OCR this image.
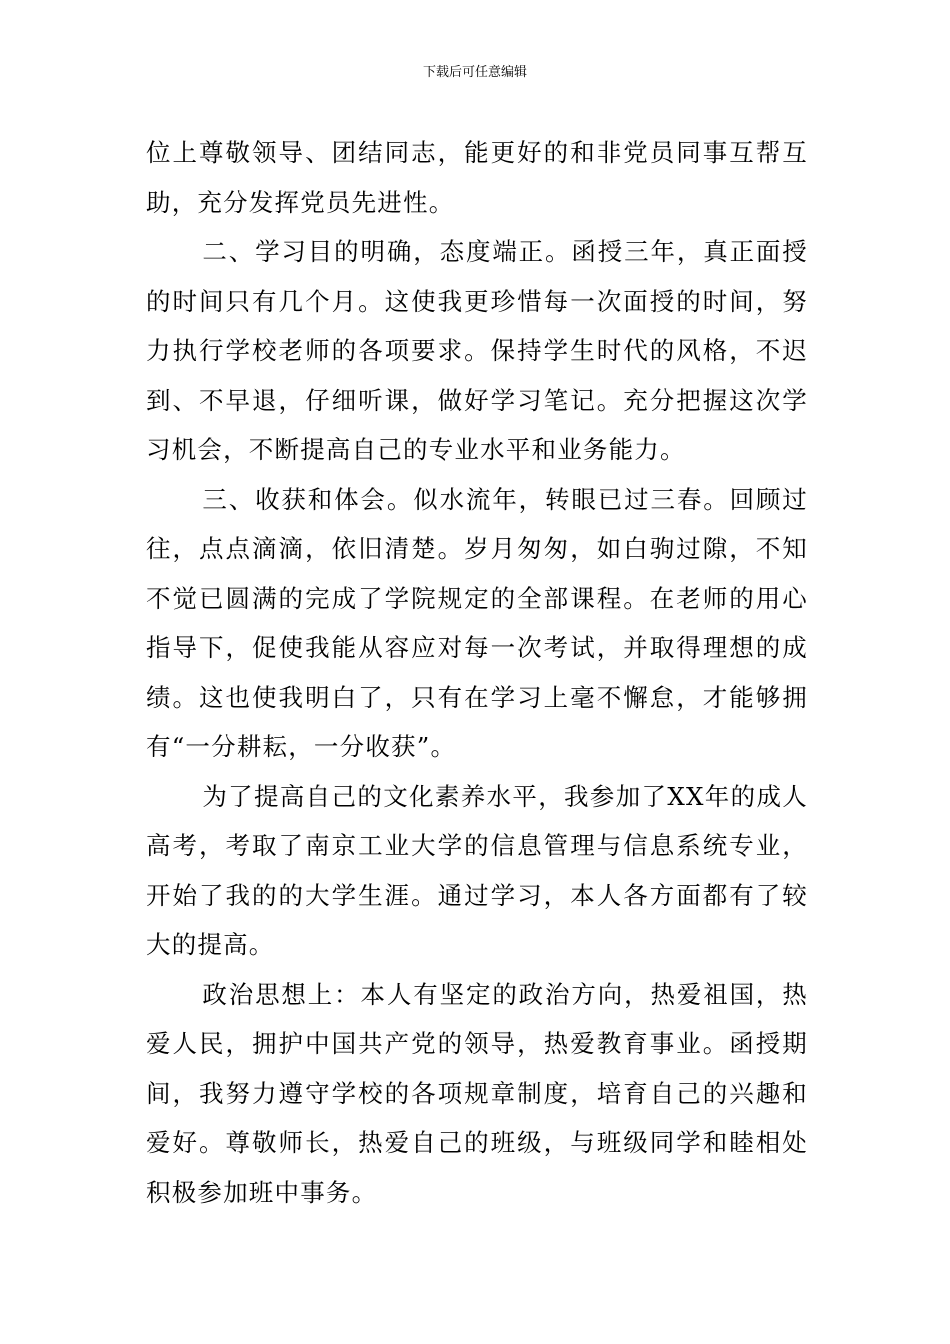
下载后可任意编辑

位上尊敬领导、团结同志，能更好的和非党员同事互帮互助，充分发挥党员先进性。

二、学习目的明确，态度端正。函授三年，真正面授的时间只有几个月。这使我更珍惜每一次面授的时间，努力执行学校老师的各项要求。保持学生时代的风格，不迟到、不早退，仔细听课，做好学习笔记。充分把握这次学习机会，不断提高自己的专业水平和业务能力。

三、收获和体会。似水流年，转眼已过三春。回顾过往，点点滴滴，依旧清楚。岁月匆匆，如白驹过隙，不知不觉已圆满的完成了学院规定的全部课程。在老师的用心指导下，促使我能从容应对每一次考试，并取得理想的成绩。这也使我明白了，只有在学习上毫不懈怠，才能够拥有“一分耕耘，一分收获”。

为了提高自己的文化素养水平，我参加了XX年的成人高考，考取了南京工业大学的信息管理与信息系统专业，开始了我的的大学生涯。通过学习，本人各方面都有了较大的提高。

政治思想上：本人有坚定的政治方向，热爱祖国，热爱人民，拥护中国共产党的领导，热爱教育事业。函授期间，我努力遵守学校的各项规章制度，培育自己的兴趣和爱好。尊敬师长，热爱自己的班级，与班级同学和睦相处积极参加班中事务。
